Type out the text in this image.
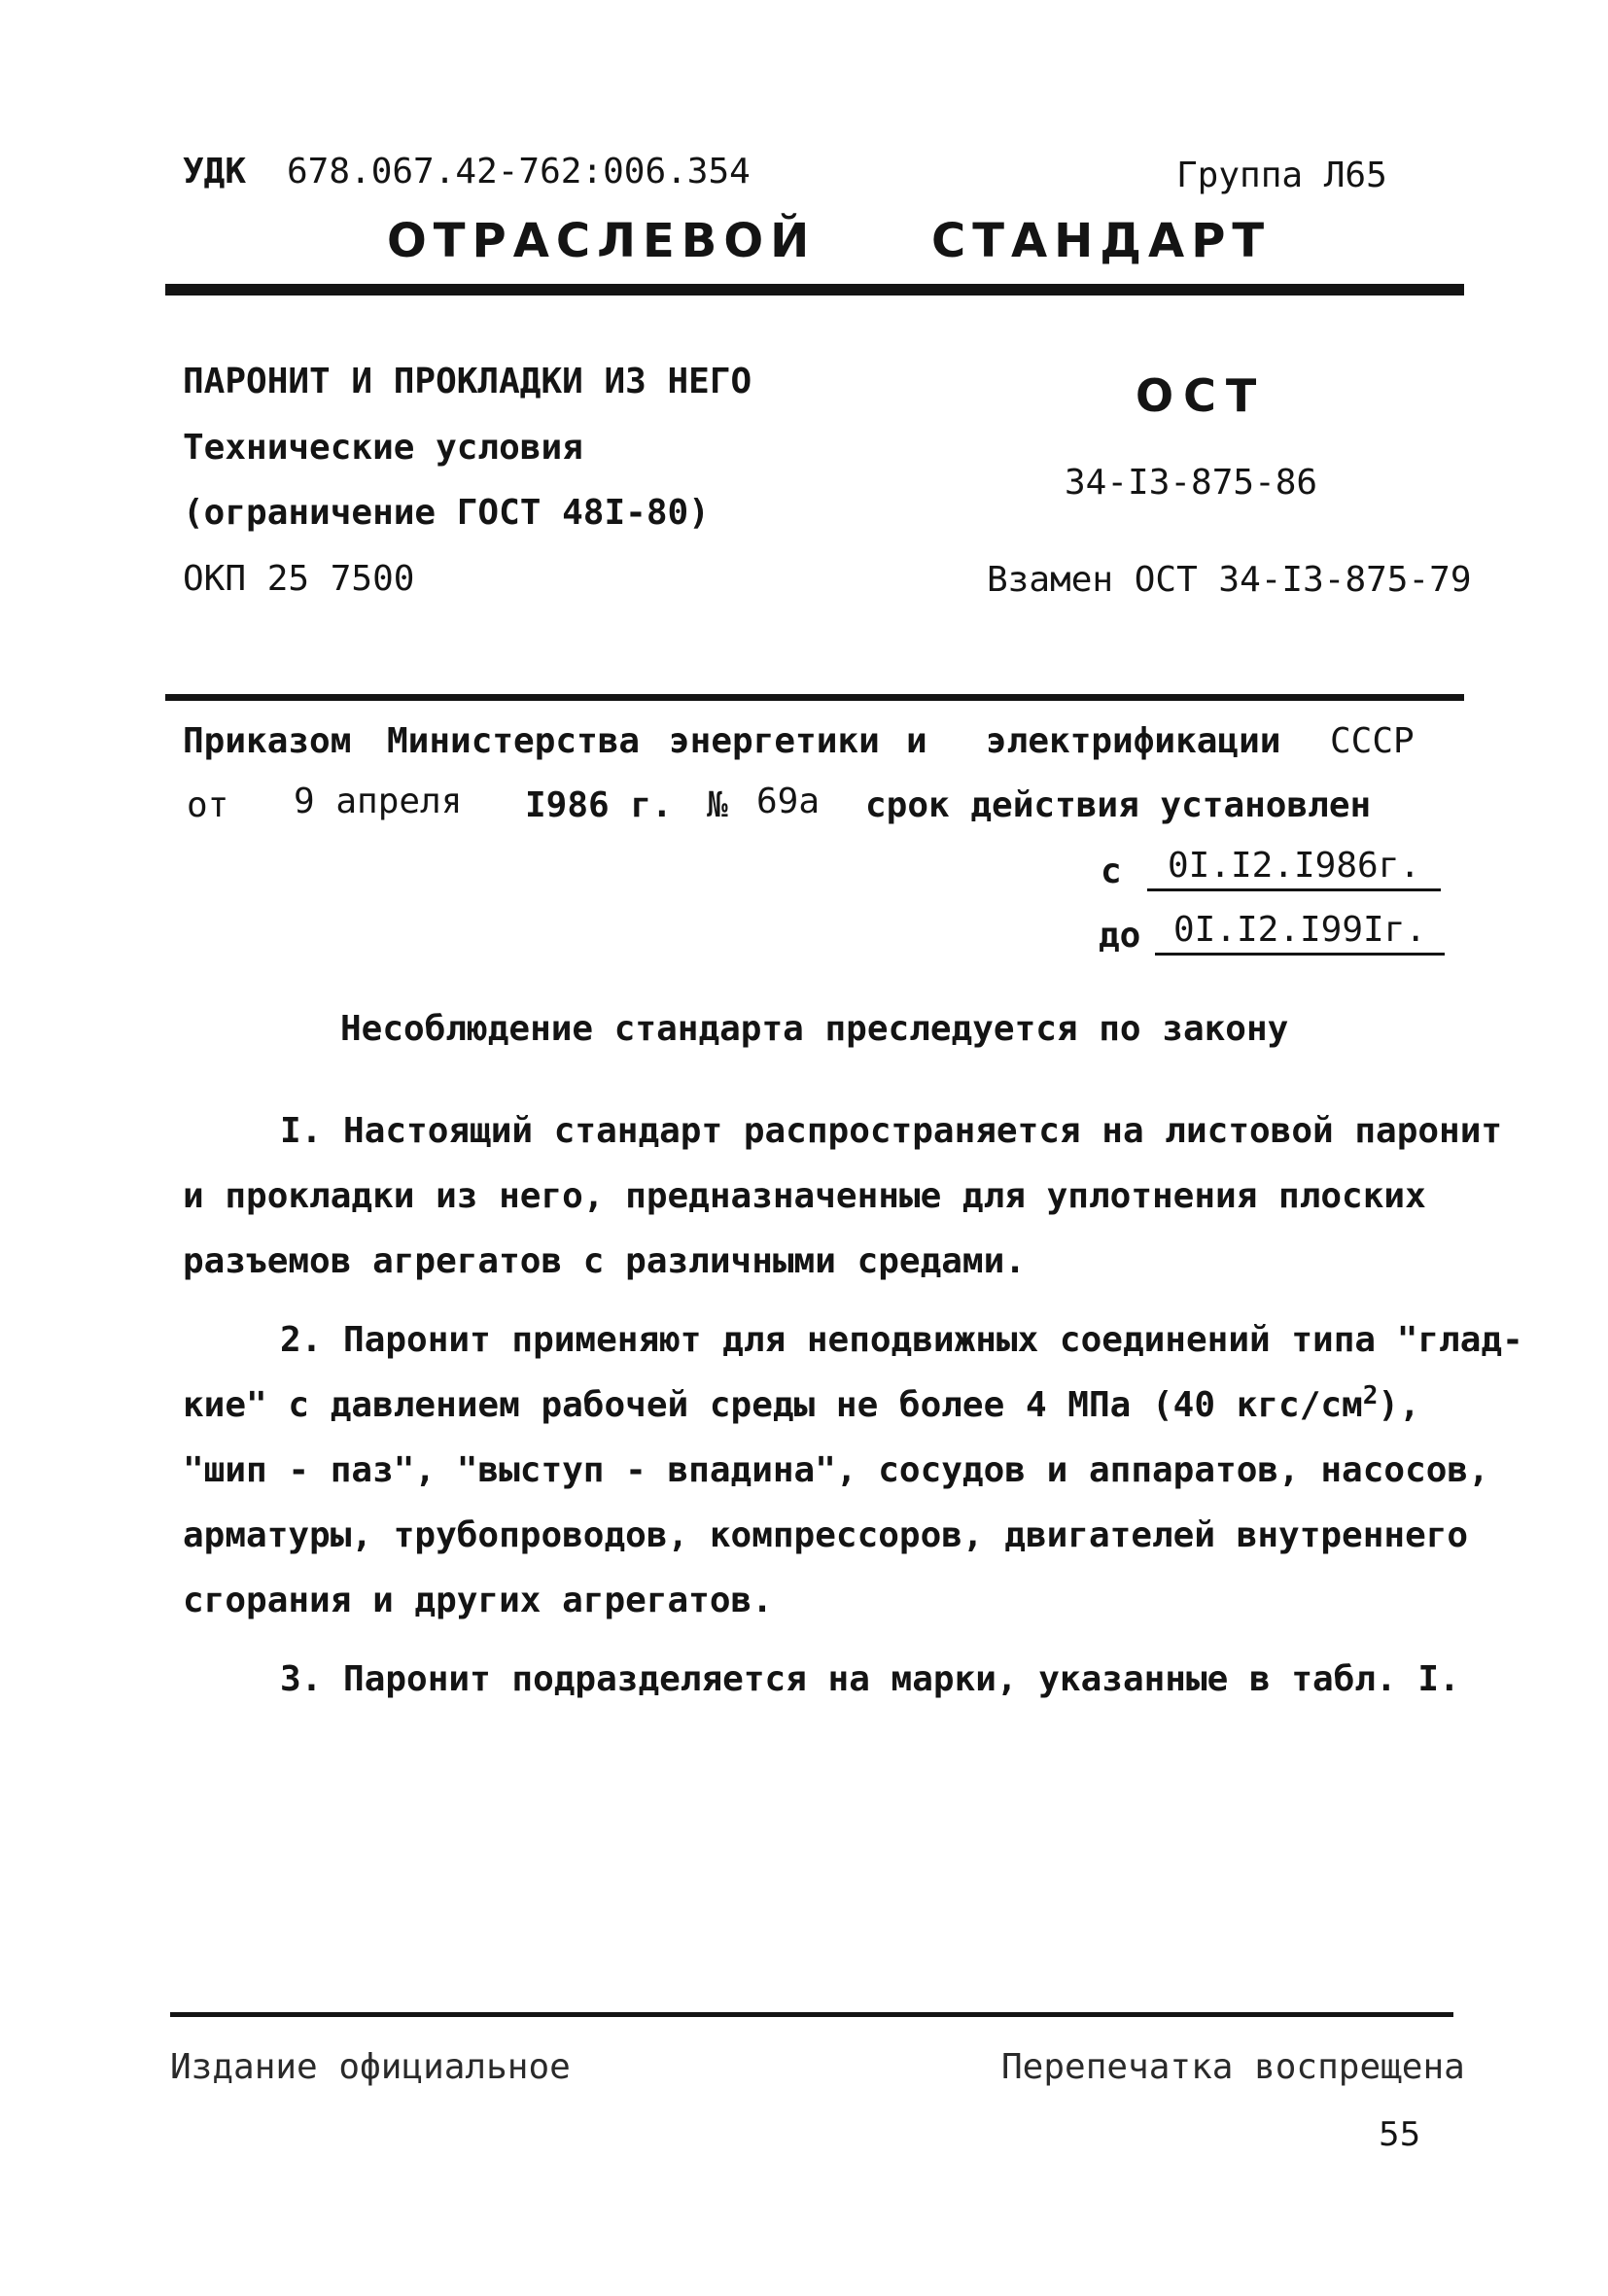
УДК 678.067.42-762:006.354	Группа Л65
ОТРАСЛЕВОЙ СТАНДАРТ
ПАРОНИТ И ПРОКЛАДКИ ИЗ НЕГО
Технические условия
(ограничение ГОСТ 48I-80)
ОКП 25 7500
ОСТ
34-I3-875-86
Взамен ОСТ 34-I3-875-79
Приказом Министерства энергетики и электрификации СССР
от 9 апреля I986 г. № 69а срок действия установлен
с	0I.I2.I986г.
до 0I.I2.I99Iг.
Несоблюдение стандарта преследуется по закону
I. Настоящий стандарт распространяется на листовой паронит
и прокладки из него, предназначенные для уплотнения плоских
разъемов агрегатов с различными средами.
2. Паронит применяют для неподвижных соединений типа "глад-
кие" с давлением рабочей среды не более 4 МПа (40 кгс/$см^2$),
"шип - паз", "выступ - впадина", сосудов и аппаратов, насосов,
арматуры, трубопроводов, компрессоров, двигателей внутреннего
сгорания и других агрегатов.
3. Паронит подразделяется на марки, указанные в табл. I.
Издание официальное	Перепечатка воспрещена
55
